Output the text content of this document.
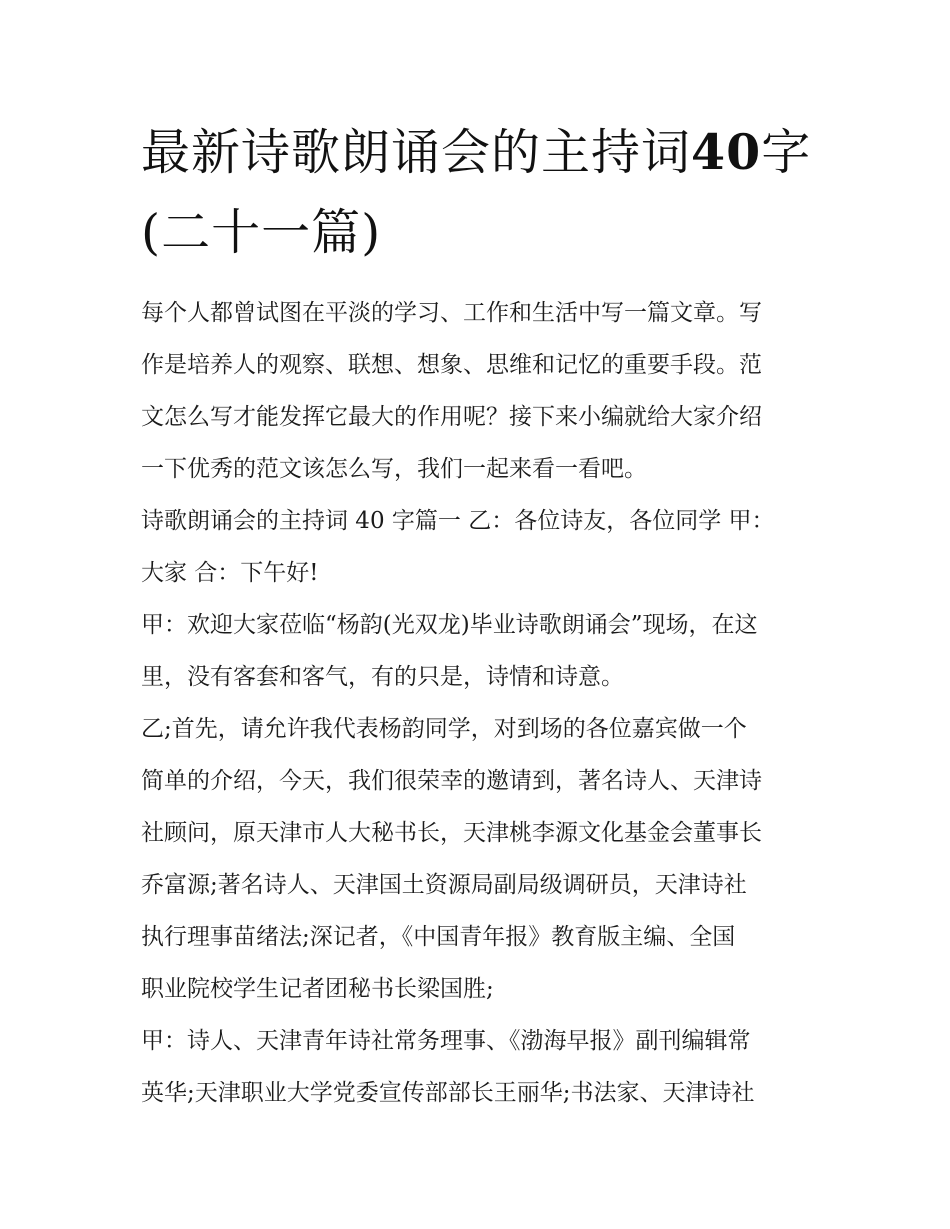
最新诗歌朗诵会的主持词40字
(二十一篇)

每个人都曾试图在平淡的学习、工作和生活中写一篇文章。写
作是培养人的观察、联想、想象、思维和记忆的重要手段。范
文怎么写才能发挥它最大的作用呢？接下来小编就给大家介绍
一下优秀的范文该怎么写，我们一起来看一看吧。

诗歌朗诵会的主持词 40 字篇一 乙：各位诗友，各位同学 甲：
大家 合：下午好!

甲：欢迎大家莅临“杨韵(光双龙)毕业诗歌朗诵会”现场，在这
里，没有客套和客气，有的只是，诗情和诗意。

乙;首先，请允许我代表杨韵同学，对到场的各位嘉宾做一个
简单的介绍，今天，我们很荣幸的邀请到，著名诗人、天津诗
社顾问，原天津市人大秘书长，天津桃李源文化基金会董事长
乔富源;著名诗人、天津国土资源局副局级调研员，天津诗社
执行理事苗绪法;深记者，《中国青年报》教育版主编、全国
职业院校学生记者团秘书长梁国胜;

甲：诗人、天津青年诗社常务理事、《渤海早报》副刊编辑常
英华;天津职业大学党委宣传部部长王丽华;书法家、天津诗社
